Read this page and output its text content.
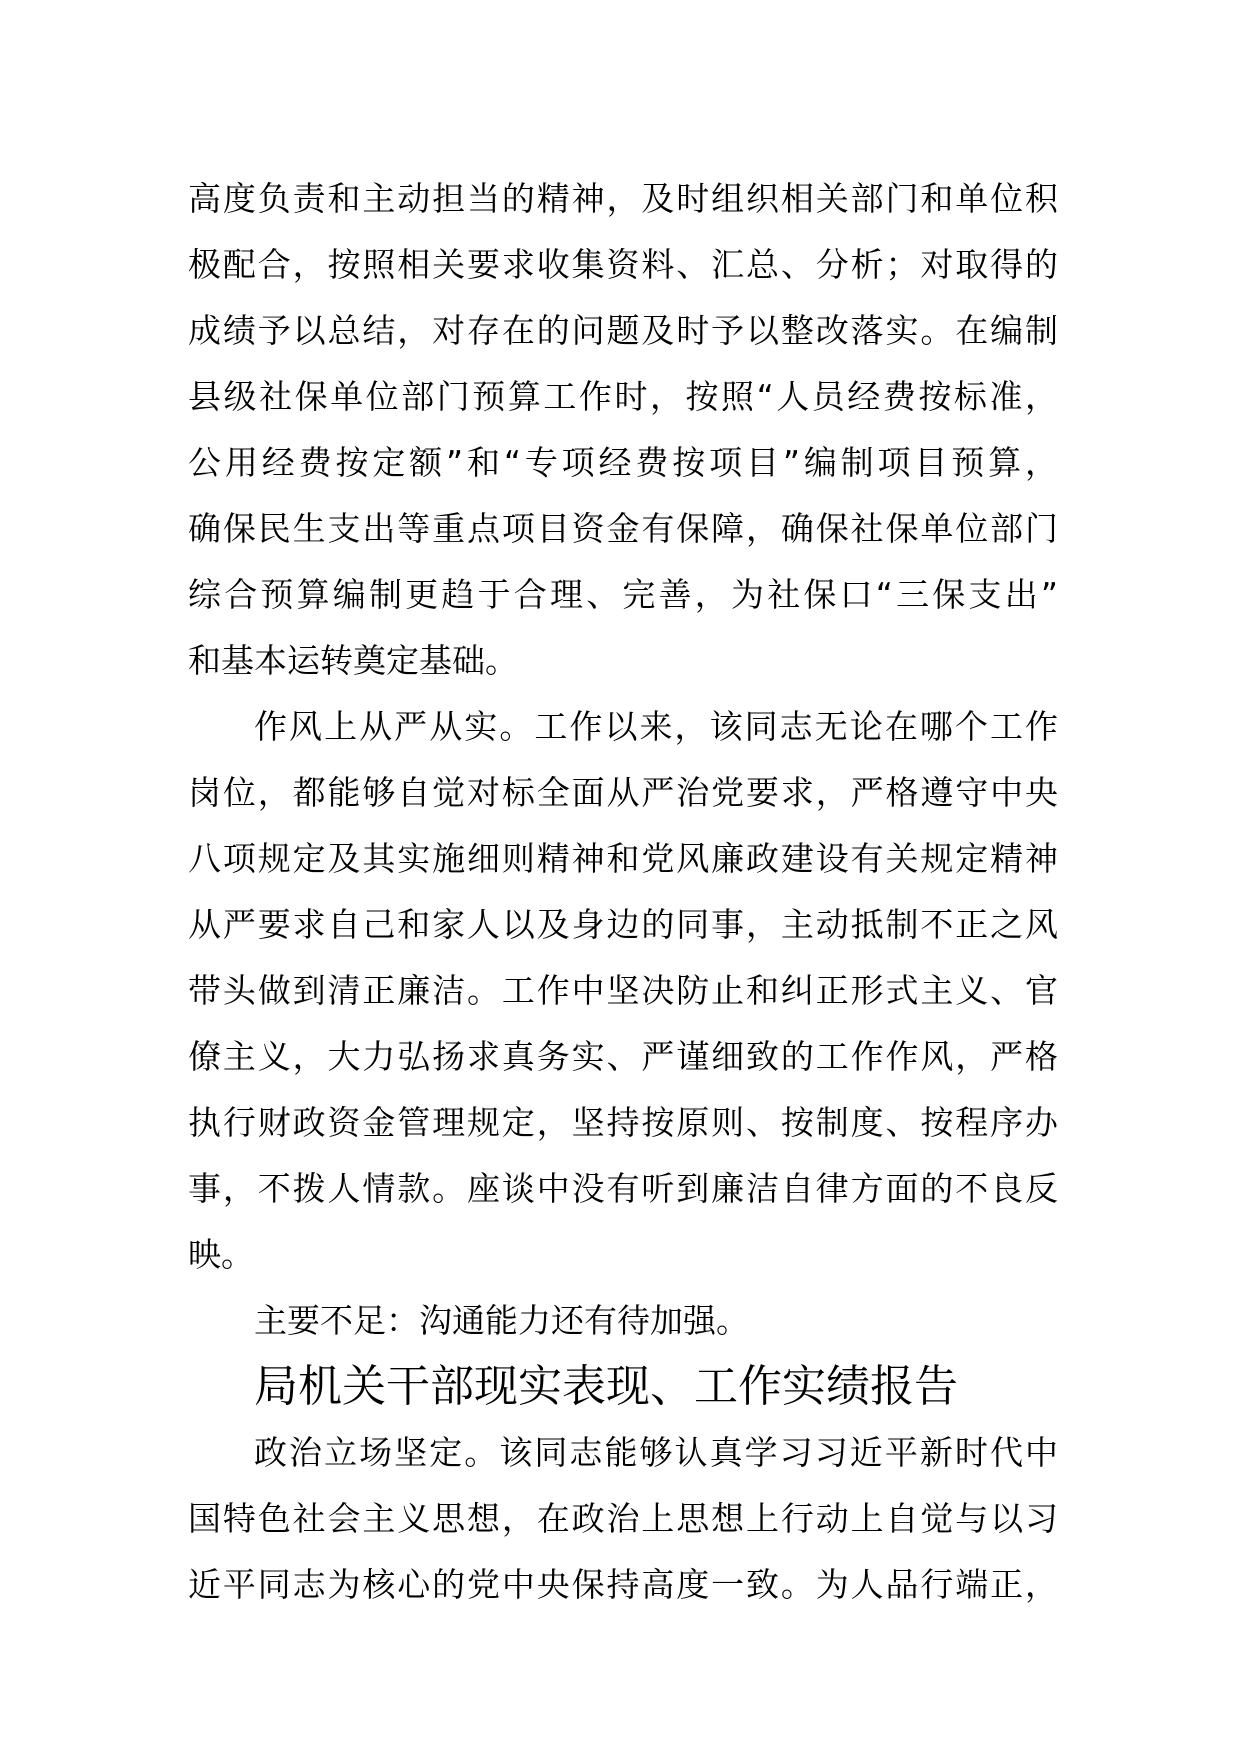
高度负责和主动担当的精神，及时组织相关部门和单位积
极配合，按照相关要求收集资料、汇总、分析；对取得的
成绩予以总结，对存在的问题及时予以整改落实。在编制
县级社保单位部门预算工作时，按照“人员经费按标准，
公用经费按定额”和“专项经费按项目”编制项目预算，
确保民生支出等重点项目资金有保障，确保社保单位部门
综合预算编制更趋于合理、完善，为社保口“三保支出”
和基本运转奠定基础。
作风上从严从实。工作以来，该同志无论在哪个工作
岗位，都能够自觉对标全面从严治党要求，严格遵守中央
八项规定及其实施细则精神和党风廉政建设有关规定精神
从严要求自己和家人以及身边的同事，主动抵制不正之风
带头做到清正廉洁。工作中坚决防止和纠正形式主义、官
僚主义，大力弘扬求真务实、严谨细致的工作作风，严格
执行财政资金管理规定，坚持按原则、按制度、按程序办
事，不拨人情款。座谈中没有听到廉洁自律方面的不良反
映。
主要不足：沟通能力还有待加强。
局机关干部现实表现、工作实绩报告
政治立场坚定。该同志能够认真学习习近平新时代中
国特色社会主义思想，在政治上思想上行动上自觉与以习
近平同志为核心的党中央保持高度一致。为人品行端正，
